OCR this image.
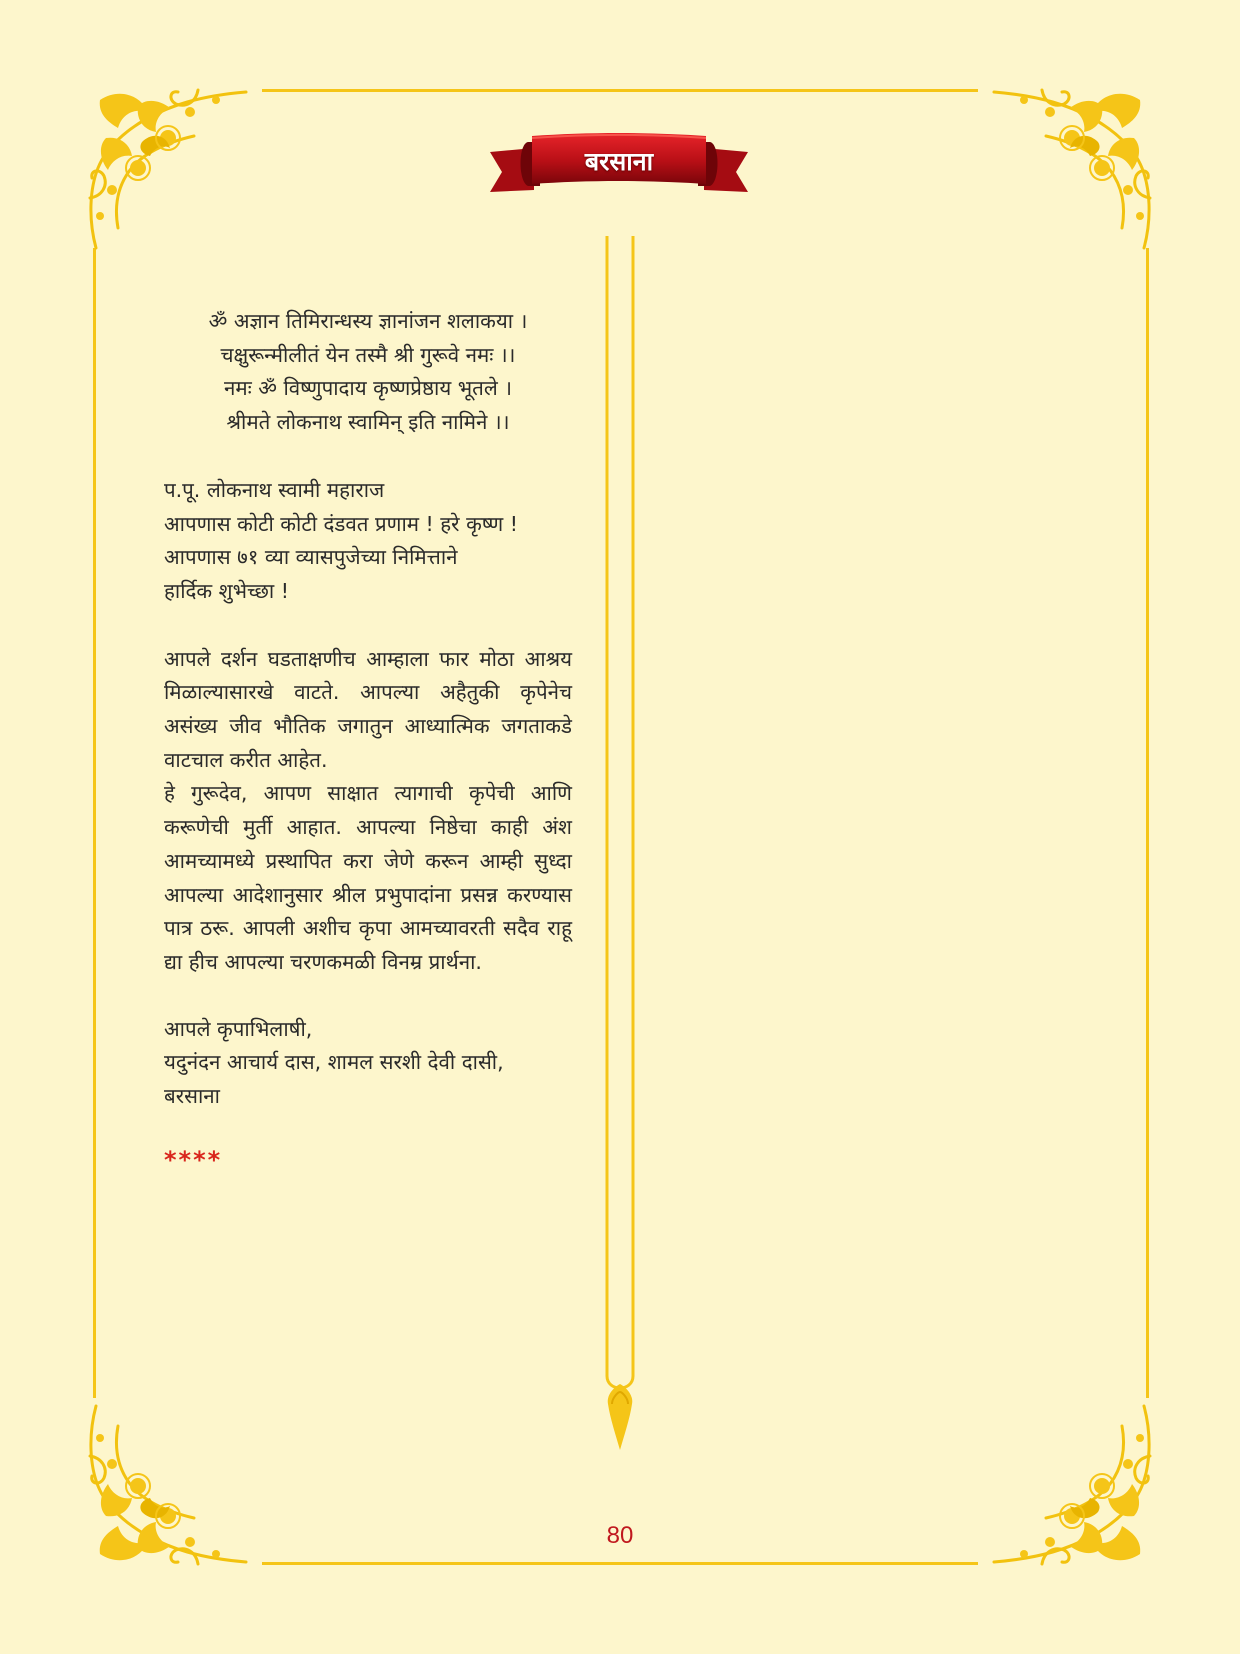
बरसाना
ॐ अज्ञान तिमिरान्धस्य ज्ञानांजन शलाकया ।
चक्षुरून्मीलीतं येन तस्मै श्री गुरूवे नमः ।।
नमः ॐ विष्णुपादाय कृष्णप्रेष्ठाय भूतले ।
श्रीमते लोकनाथ स्वामिन् इति नामिने ।।
प.पू. लोकनाथ स्वामी महाराज
आपणास कोटी कोटी दंडवत प्रणाम ! हरे कृष्ण !
आपणास ७१ व्या व्यासपुजेच्या निमित्ताने
हार्दिक शुभेच्छा !
आपले दर्शन घडताक्षणीच आम्हाला फार मोठा आश्रय मिळाल्यासारखे वाटते. आपल्या अहैतुकी कृपेनेच असंख्य जीव भौतिक जगातुन आध्यात्मिक जगताकडे वाटचाल करीत आहेत.
हे गुरूदेव, आपण साक्षात त्यागाची कृपेची आणि करूणेची मुर्ती आहात. आपल्या निष्ठेचा काही अंश आमच्यामध्ये प्रस्थापित करा जेणे करून आम्ही सुध्दा आपल्या आदेशानुसार श्रील प्रभुपादांना प्रसन्न करण्यास पात्र ठरू. आपली अशीच कृपा आमच्यावरती सदैव राहू द्या हीच आपल्या चरणकमळी विनम्र प्रार्थना.
आपले कृपाभिलाषी,
यदुनंदन आचार्य दास, शामल सरशी देवी दासी,
बरसाना
****
80
